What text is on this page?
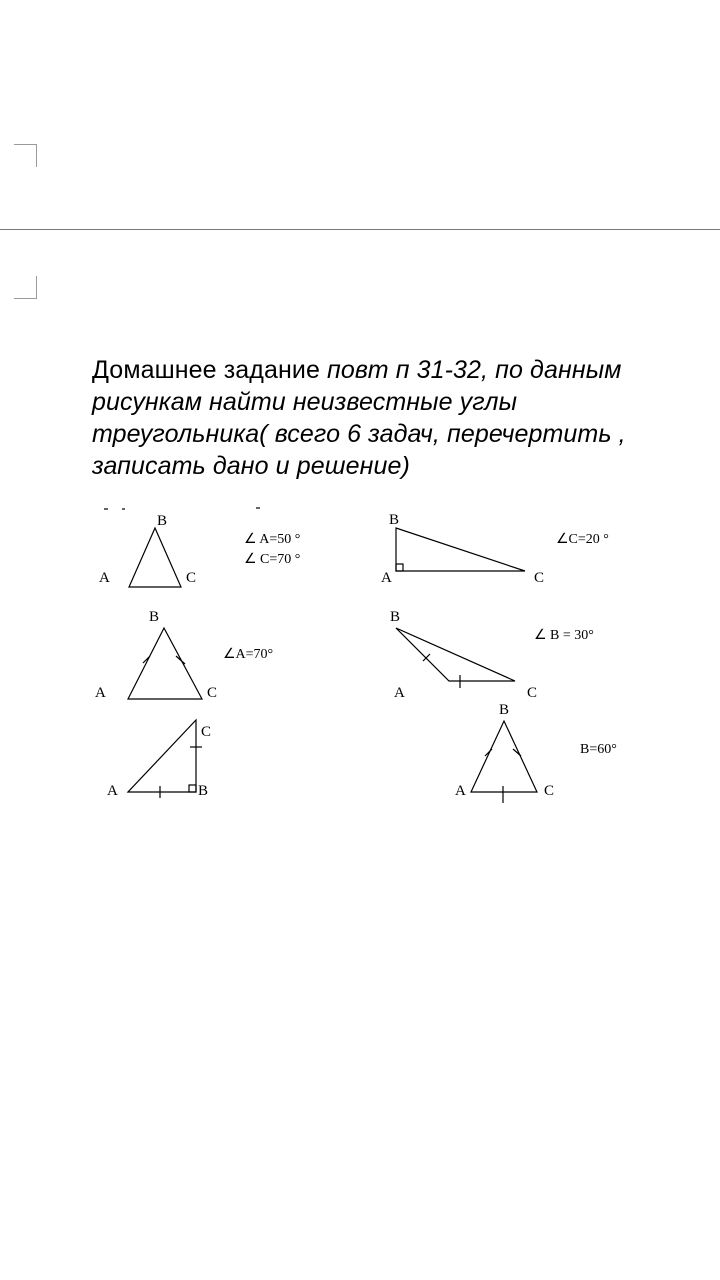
Домашнее задание повт п 31-32, по данным рисункам найти неизвестные углы треугольника( всего 6 задач, перечертить , записать дано и решение)
B
A	C
∠ A=50 °
∠ C=70 °
B
A	C
∠C=20 °
B
A	C
∠A=70°
B
A	C
∠ B = 30°
C
A	B
B
A	C
B=60°
